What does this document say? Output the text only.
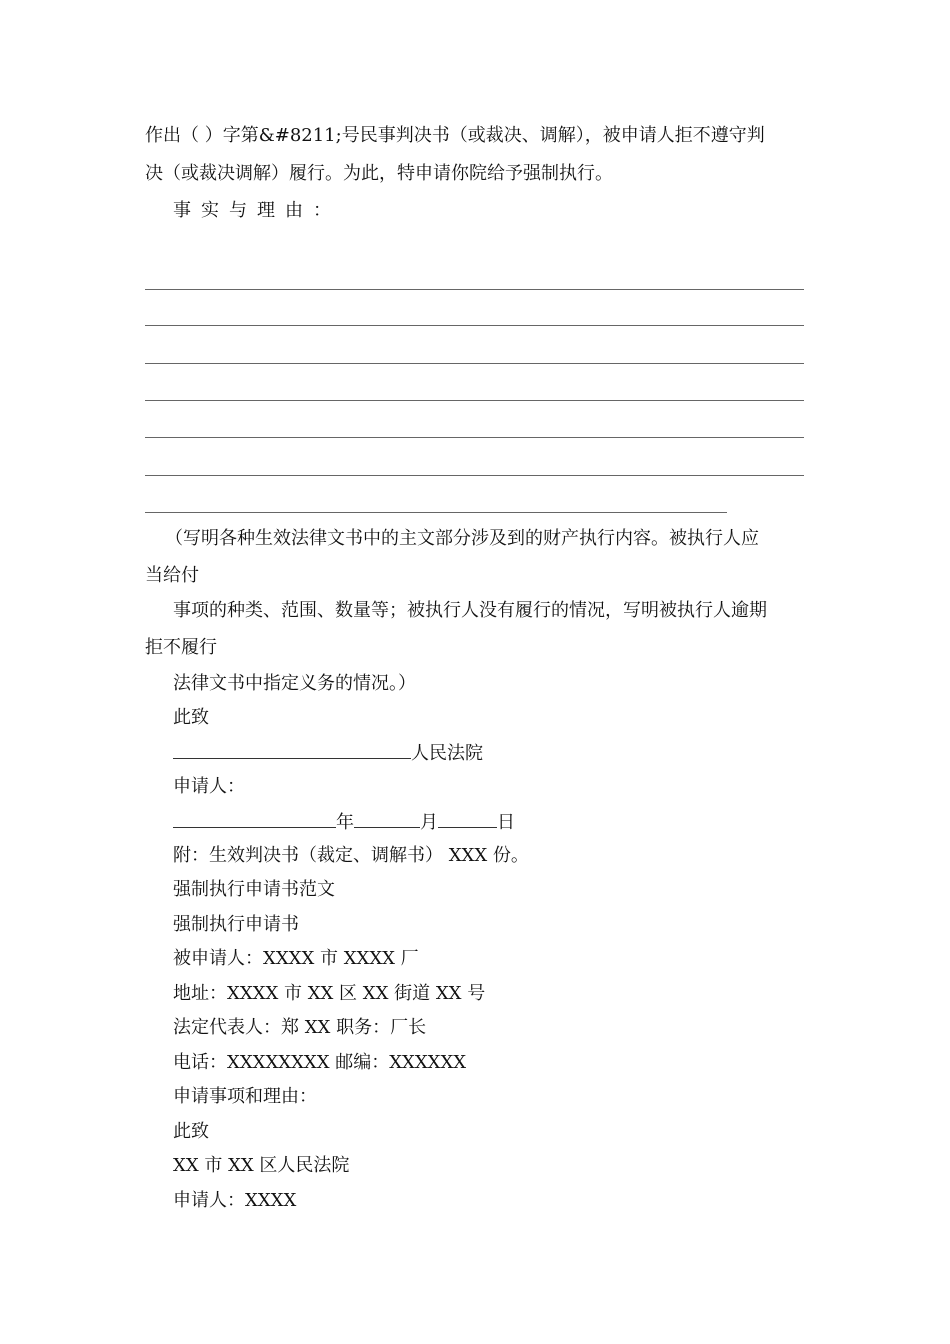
作出（ ）字第&#8211;号民事判决书（或裁决、调解），被申请人拒不遵守判
决（或裁决调解）履行。为此，特申请你院给予强制执行。
事实与理由：
（写明各种生效法律文书中的主文部分涉及到的财产执行内容。被执行人应
当给付
事项的种类、范围、数量等；被执行人没有履行的情况，写明被执行人逾期
拒不履行
法律文书中指定义务的情况。）
此致
人民法院
申请人：
年	月	日
附：生效判决书（裁定、调解书） XXX 份。
强制执行申请书范文
强制执行申请书
被申请人：XXXX 市 XXXX 厂
地址：XXXX 市 XX 区 XX 街道 XX 号
法定代表人：郑 XX 职务：厂长
电话：XXXXXXXX 邮编：XXXXXX
申请事项和理由：
此致
XX 市 XX 区人民法院
申请人：XXXX
